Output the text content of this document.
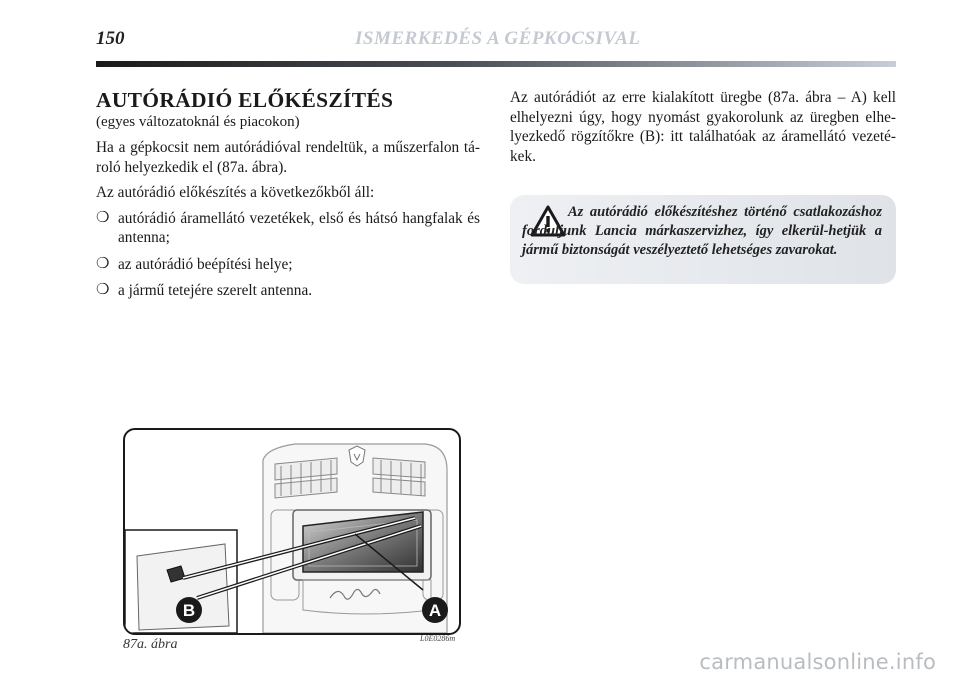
150	ISMERKEDÉS A GÉPKOCSIVAL
AUTÓRÁDIÓ ELŐKÉSZÍTÉS
(egyes változatoknál és piacokon)

Ha a gépkocsit nem autórádióval rendeltük, a műszerfalon tá-roló helyezkedik el (87a. ábra).

Az autórádió előkészítés a következőkből áll:

❍ autórádió áramellátó vezetékek, első és hátsó hangfalak és antenna;
❍ az autórádió beépítési helye;
❍ a jármű tetejére szerelt antenna.

Az autórádiót az erre kialakított üregbe (87a. ábra – A) kell elhelyezni úgy, hogy nyomást gyakorolunk az üregben elhe-lyezkedő rögzítőkre (B): itt találhatóak az áramellátó vezeté-kek.

Az autórádió előkészítéshez történő csatlakozáshoz forduljunk Lancia márkaszervizhez, így elkerül-hetjük a jármű biztonságát veszélyeztető lehetséges zavarokat.
B	A
87a. ábra	L0E0286m
carmanualsonline.info
